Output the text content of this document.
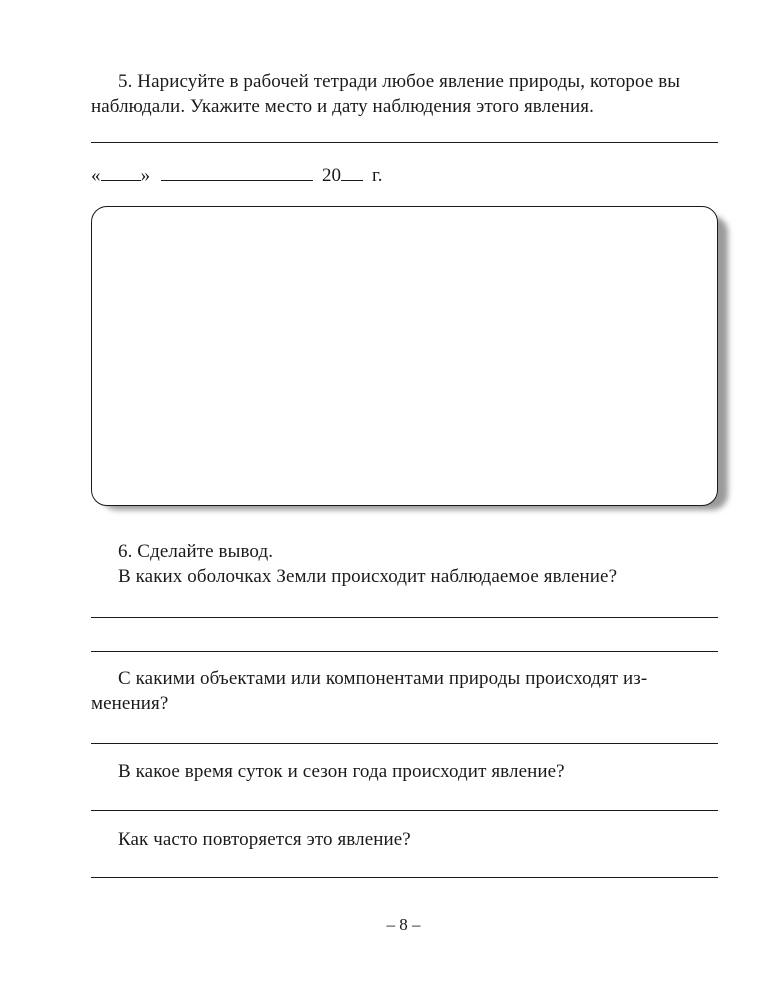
5. Нарисуйте в рабочей тетради любое явление природы, которое вы
наблюдали. Укажите место и дату наблюдения этого явления.
« »	20 г.
6. Сделайте вывод.
В каких оболочках Земли происходит наблюдаемое явление?
С какими объектами или компонентами природы происходят из-
менения?
В какое время суток и сезон года происходит явление?
Как часто повторяется это явление?
– 8 –
